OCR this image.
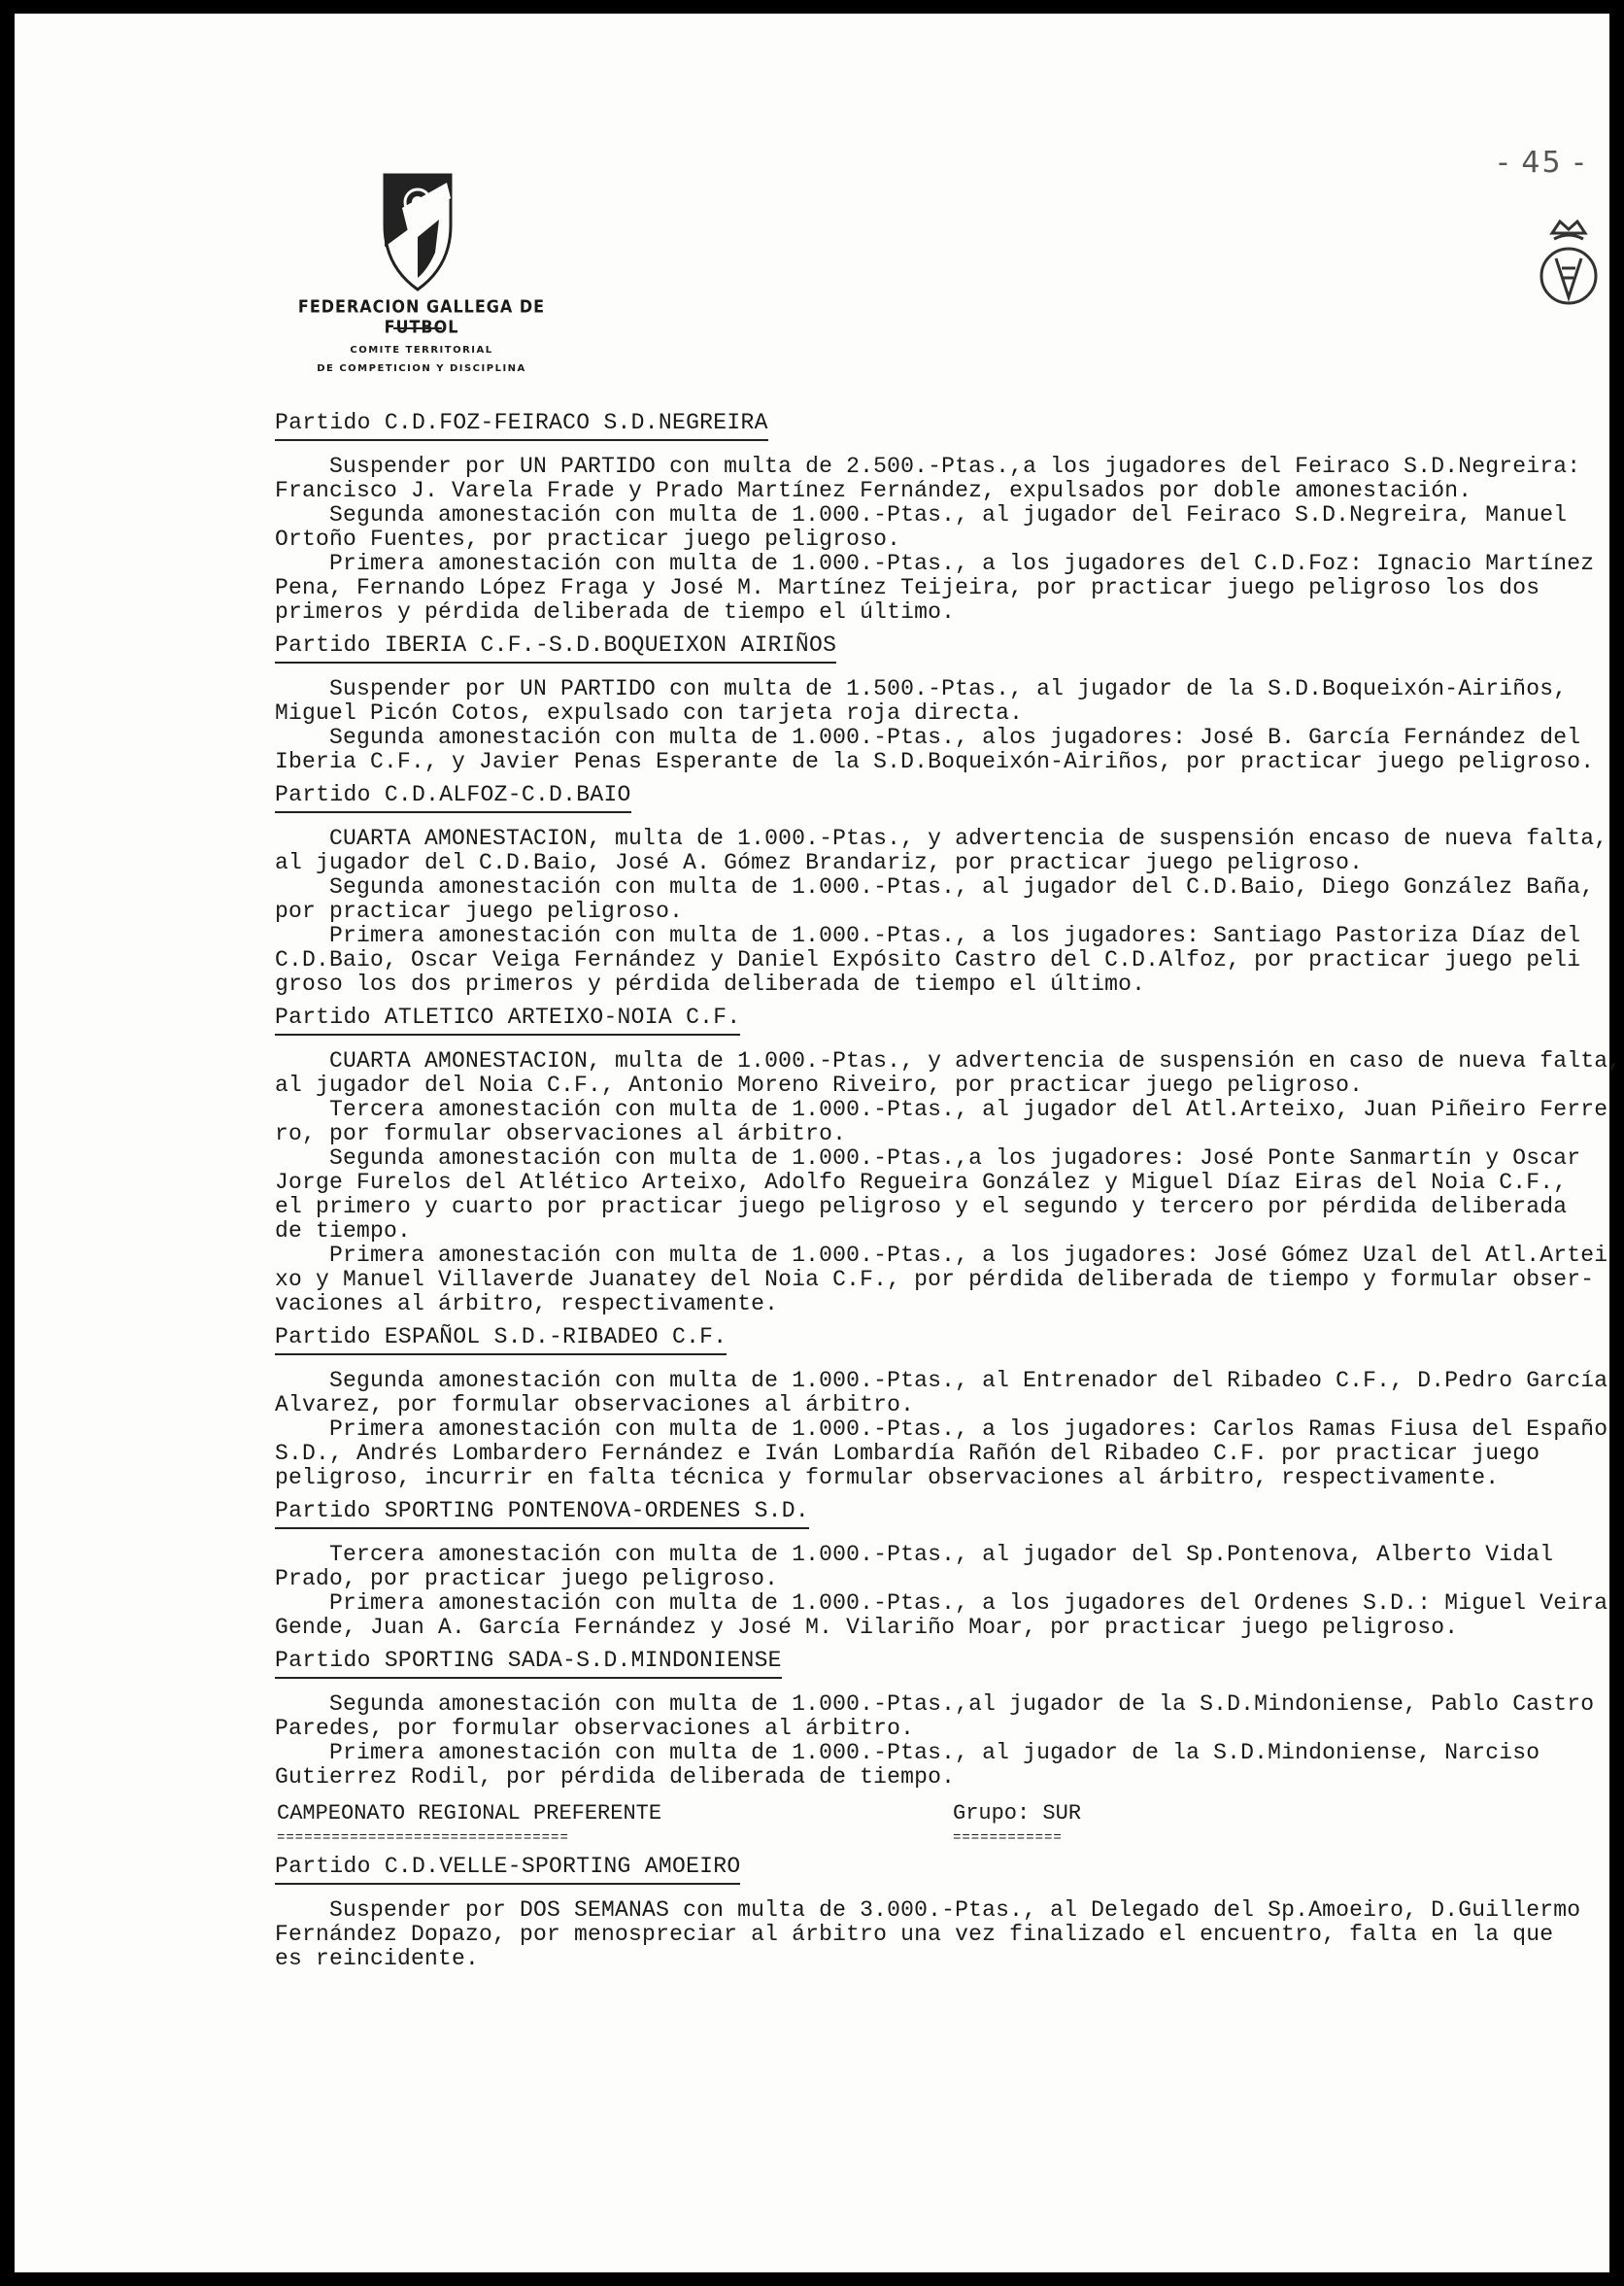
- 45 -
FEDERACION GALLEGA DE FUTBOL
COMITE TERRITORIAL
DE COMPETICION Y DISCIPLINA
Partido C.D.FOZ-FEIRACO S.D.NEGREIRA

Suspender por UN PARTIDO con multa de 2.500.-Ptas.,a los jugadores del Feiraco S.D.Negreira:
Francisco J. Varela Frade y Prado Martínez Fernández, expulsados por doble amonestación.

Segunda amonestación con multa de 1.000.-Ptas., al jugador del Feiraco S.D.Negreira, Manuel
Ortoño Fuentes, por practicar juego peligroso.

Primera amonestación con multa de 1.000.-Ptas., a los jugadores del C.D.Foz: Ignacio Martínez
Pena, Fernando López Fraga y José M. Martínez Teijeira, por practicar juego peligroso los dos
primeros y pérdida deliberada de tiempo el último.

Partido IBERIA C.F.-S.D.BOQUEIXON AIRIÑOS

Suspender por UN PARTIDO con multa de 1.500.-Ptas., al jugador de la S.D.Boqueixón-Airiños,
Miguel Picón Cotos, expulsado con tarjeta roja directa.

Segunda amonestación con multa de 1.000.-Ptas., alos jugadores: José B. García Fernández del
Iberia C.F., y Javier Penas Esperante de la S.D.Boqueixón-Airiños, por practicar juego peligroso.

Partido C.D.ALFOZ-C.D.BAIO

CUARTA AMONESTACION, multa de 1.000.-Ptas., y advertencia de suspensión encaso de nueva falta,
al jugador del C.D.Baio, José A. Gómez Brandariz, por practicar juego peligroso.

Segunda amonestación con multa de 1.000.-Ptas., al jugador del C.D.Baio, Diego González Baña,
por practicar juego peligroso.

Primera amonestación con multa de 1.000.-Ptas., a los jugadores: Santiago Pastoriza Díaz del
C.D.Baio, Oscar Veiga Fernández y Daniel Expósito Castro del C.D.Alfoz, por practicar juego peli
groso los dos primeros y pérdida deliberada de tiempo el último.

Partido ATLETICO ARTEIXO-NOIA C.F.

CUARTA AMONESTACION, multa de 1.000.-Ptas., y advertencia de suspensión en caso de nueva falta,
al jugador del Noia C.F., Antonio Moreno Riveiro, por practicar juego peligroso.

Tercera amonestación con multa de 1.000.-Ptas., al jugador del Atl.Arteixo, Juan Piñeiro Ferre
ro, por formular observaciones al árbitro.

Segunda amonestación con multa de 1.000.-Ptas.,a los jugadores: José Ponte Sanmartín y Oscar
Jorge Furelos del Atlético Arteixo, Adolfo Regueira González y Miguel Díaz Eiras del Noia C.F.,
el primero y cuarto por practicar juego peligroso y el segundo y tercero por pérdida deliberada
de tiempo.

Primera amonestación con multa de 1.000.-Ptas., a los jugadores: José Gómez Uzal del Atl.Artei
xo y Manuel Villaverde Juanatey del Noia C.F., por pérdida deliberada de tiempo y formular obser-
vaciones al árbitro, respectivamente.

Partido ESPAÑOL S.D.-RIBADEO C.F.

Segunda amonestación con multa de 1.000.-Ptas., al Entrenador del Ribadeo C.F., D.Pedro García
Alvarez, por formular observaciones al árbitro.

Primera amonestación con multa de 1.000.-Ptas., a los jugadores: Carlos Ramas Fiusa del Españo
S.D., Andrés Lombardero Fernández e Iván Lombardía Rañón del Ribadeo C.F. por practicar juego
peligroso, incurrir en falta técnica y formular observaciones al árbitro, respectivamente.

Partido SPORTING PONTENOVA-ORDENES S.D.

Tercera amonestación con multa de 1.000.-Ptas., al jugador del Sp.Pontenova, Alberto Vidal
Prado, por practicar juego peligroso.

Primera amonestación con multa de 1.000.-Ptas., a los jugadores del Ordenes S.D.: Miguel Veira
Gende, Juan A. García Fernández y José M. Vilariño Moar, por practicar juego peligroso.

Partido SPORTING SADA-S.D.MINDONIENSE

Segunda amonestación con multa de 1.000.-Ptas.,al jugador de la S.D.Mindoniense, Pablo Castro
Paredes, por formular observaciones al árbitro.

Primera amonestación con multa de 1.000.-Ptas., al jugador de la S.D.Mindoniense, Narciso
Gutierrez Rodil, por pérdida deliberada de tiempo.

CAMPEONATO REGIONAL PREFERENTE
================================
Grupo: SUR
============
Partido C.D.VELLE-SPORTING AMOEIRO

Suspender por DOS SEMANAS con multa de 3.000.-Ptas., al Delegado del Sp.Amoeiro, D.Guillermo
Fernández Dopazo, por menospreciar al árbitro una vez finalizado el encuentro, falta en la que
es reincidente.
